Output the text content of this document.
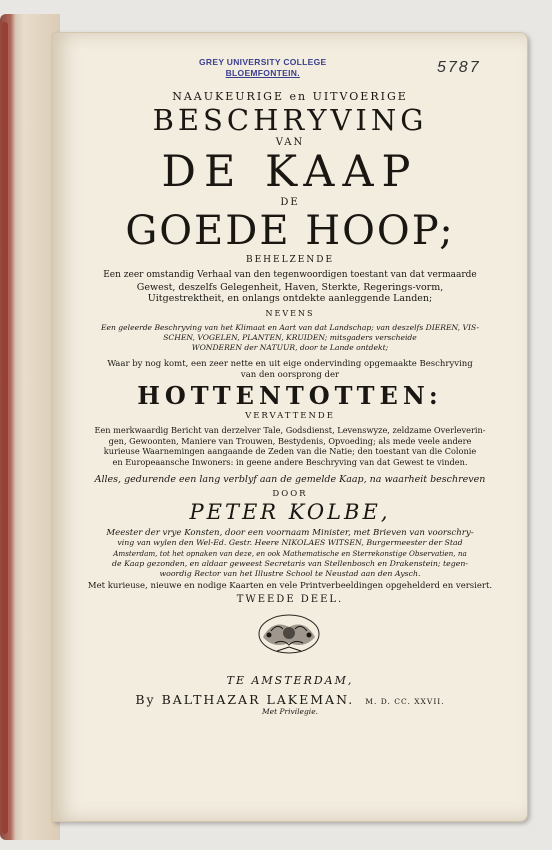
GREY UNIVERSITY COLLEGE
BLOEMFONTEIN.	5787
NAAUKEURIGE en UITVOERIGE
BESCHRYVING
VAN
DE KAAP
DE
GOEDE HOOP;
BEHELZENDE
Een zeer omstandig Verhaal van den tegenwoordigen toestant van dat vermaarde
Gewest, deszelfs Gelegenheit, Haven, Sterkte, Regerings-vorm,
Uitgestrektheit, en onlangs ontdekte aanleggende Landen;
NEVENS
Een geleerde Beschryving van het Klimaat en Aart van dat Landschap; van deszelfs DIEREN, VIS-
SCHEN, VOGELEN, PLANTEN, KRUIDEN; mitsgaders verscheide
WONDEREN der NATUUR, door te Lande ontdekt;
Waar by nog komt, een zeer nette en uit eige ondervinding opgemaakte Beschryving
van den oorsprong der
HOTTENTOTTEN:
VERVATTENDE
Een merkwaardig Bericht van derzelver Tale, Godsdienst, Levenswyze, zeldzame Overleverin-
gen, Gewoonten, Maniere van Trouwen, Bestydenis, Opvoeding; als mede veele andere
kurieuse Waarnemingen aangaande de Zeden van die Natie; den toestant van die Colonie
en Europeaansche Inwoners: in geene andere Beschryving van dat Gewest te vinden.
Alles, gedurende een lang verblyf aan de gemelde Kaap, na waarheit beschreven
DOOR
PETER KOLBE,
Meester der vrye Konsten, door een voornaam Minister, met Brieven van voorschry-
ving van wylen den Wel-Ed. Gestr. Heere NIKOLAES WITSEN, Burgermeester der Stad
Amsterdam, tot het opnaken van deze, en ook Mathematische en Sterrekonstige Observatien, na
de Kaap gezonden, en aldaar geweest Secretaris van Stellenbosch en Drakenstein; tegen-
woordig Rector van het Illustre School te Neustad aan den Aysch.
Met kurieuse, nieuwe en nodige Kaarten en vele Printverbeeldingen opgehelderd en versiert.
TWEEDE DEEL.
TE AMSTERDAM,
By BALTHAZAR LAKEMAN. M. D. CC. XXVII.
Met Privilegie.
